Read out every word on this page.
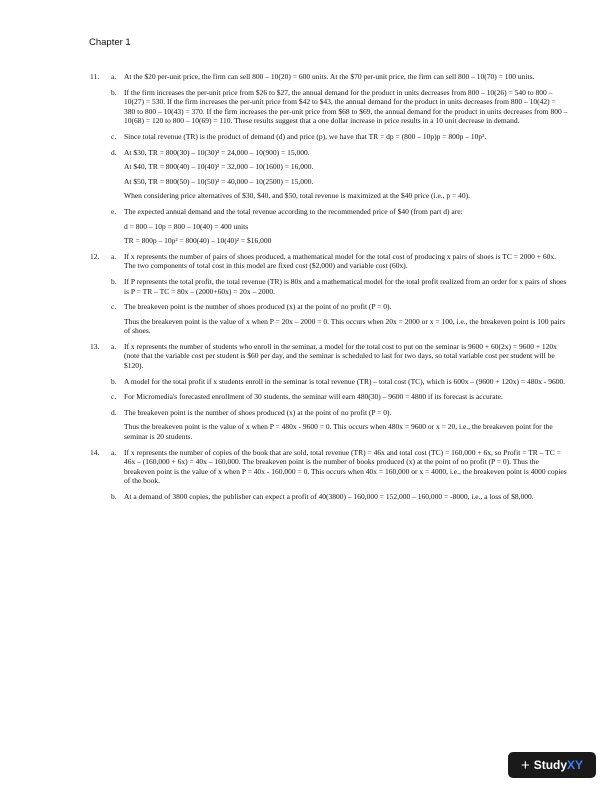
Chapter 1
11.	a.	At the $20 per-unit price, the firm can sell 800 – 10(20) = 600 units. At the $70 per-unit price, the firm can sell 800 – 10(70) = 100 units.

b. If the firm increases the per-unit price from $26 to $27, the annual demand for the product in units decreases from 800 – 10(26) = 540 to 800 – 10(27) = 530. If the firm increases the per-unit price from $42 to $43, the annual demand for the product in units decreases from 800 – 10(42) = 380 to 800 – 10(43) = 370. If the firm increases the per-unit price from $68 to $69, the annual demand for the product in units decreases from 800 – 10(68) = 120 to 800 – 10(69) = 110. These results suggest that a one dollar increase in price results in a 10 unit decrease in demand.

c.	Since total revenue (TR) is the product of demand (d) and price (p), we have that TR = dp = (800 – 10p)p = 800p – 10p².

d. At $30, TR = 800(30) – 10(30)² = 24,000 – 10(900) = 15,000.

At $40, TR = 800(40) – 10(40)² = 32,000 – 10(1600) = 16,000.

At $50, TR = 800(50) – 10(50)² = 40,000 – 10(2500) = 15,000.

When considering price alternatives of $30, $40, and $50, total revenue is maximized at the $40 price (i.e., p = 40).

e.	The expected annual demand and the total revenue according to the recommended price of $40 (from part d) are:

d = 800 – 10p = 800 – 10(40) = 400 units

TR = 800p – 10p² = 800(40) – 10(40)² = $16,000

12.	a.	If x represents the number of pairs of shoes produced, a mathematical model for the total cost of producing x pairs of shoes is TC = 2000 + 60x. The two components of total cost in this model are fixed cost ($2,000) and variable cost (60x).

b. If P represents the total profit, the total revenue (TR) is 80x and a mathematical model for the total profit realized from an order for x pairs of shoes is P = TR – TC = 80x – (2000+60x) = 20x – 2000.

c.	The breakeven point is the number of shoes produced (x) at the point of no profit (P = 0).

Thus the breakeven point is the value of x when P = 20x – 2000 = 0. This occurs when 20x = 2000 or x = 100, i.e., the breakeven point is 100 pairs of shoes.

13.	a.	If x represents the number of students who enroll in the seminar, a model for the total cost to put on the seminar is 9600 + 60(2x) = 9600 + 120x (note that the variable cost per student is $60 per day, and the seminar is scheduled to last for two days, so total variable cost per student will be $120).

b. A model for the total profit if x students enroll in the seminar is total revenue (TR) – total cost (TC), which is 600x – (9600 + 120x) = 480x - 9600.

c.	For Micromedia's forecasted enrollment of 30 students, the seminar will earn 480(30) – 9600 = 4800 if its forecast is accurate.

d. The breakeven point is the number of shoes produced (x) at the point of no profit (P = 0).

Thus the breakeven point is the value of x when P = 480x - 9600 = 0. This occurs when 480x = 9600 or x = 20, i.e., the breakeven point for the seminar is 20 students.

14.	a.	If x represents the number of copies of the book that are sold, total revenue (TR) = 46x and total cost (TC) = 160,000 + 6x, so Profit = TR – TC = 46x – (160,000 + 6x) = 40x – 160,000. The breakeven point is the number of books produced (x) at the point of no profit (P = 0). Thus the breakeven point is the value of x when P = 40x - 160,000 = 0. This occurs when 40x = 160,000 or x = 4000, i.e., the breakeven point is 4000 copies of the book.

b. At a demand of 3800 copies, the publisher can expect a profit of 40(3800) – 160,000 = 152,000 – 160,000 = -8000, i.e., a loss of $8,000.

+ Study XY
